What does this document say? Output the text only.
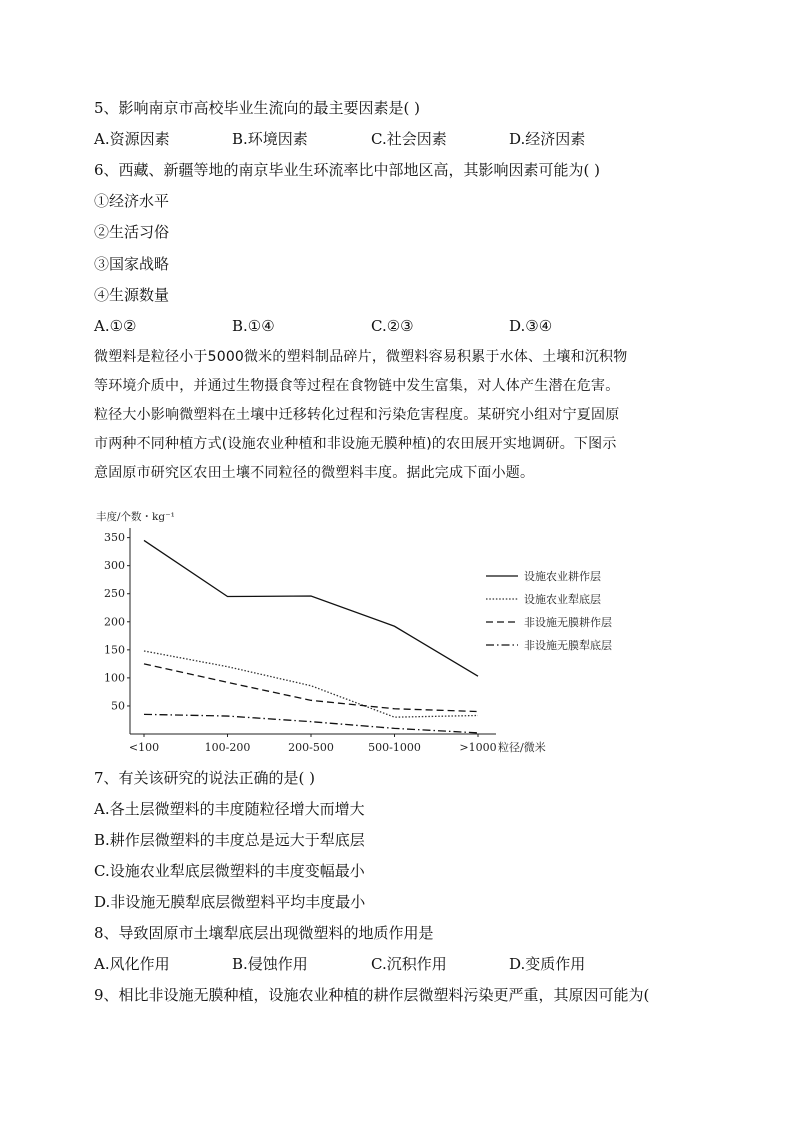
5、影响南京市高校毕业生流向的最主要因素是( )
A.资源因素	B.环境因素	C.社会因素	D.经济因素
6、西藏、新疆等地的南京毕业生环流率比中部地区高，其影响因素可能为( )
①经济水平
②生活习俗
③国家战略
④生源数量
A.①②	B.①④	C.②③	D.③④

微塑料是粒径小于5000微米的塑料制品碎片，微塑料容易积累于水体、土壤和沉积物

等环境介质中，并通过生物摄食等过程在食物链中发生富集，对人体产生潜在危害。

粒径大小影响微塑料在土壤中迁移转化过程和污染危害程度。某研究小组对宁夏固原

市两种不同种植方式(设施农业种植和非设施无膜种植)的农田展开实地调研。下图示

意固原市研究区农田土壤不同粒径的微塑料丰度。据此完成下面小题。

丰度/个数・kg⁻¹
50
100
150
200
250
300
350
<100	100-200	200-500	500-1000	>1000 粒径/微米
设施农业耕作层
设施农业犁底层
非设施无膜耕作层
非设施无膜犁底层
7、有关该研究的说法正确的是( )
A.各土层微塑料的丰度随粒径增大而增大
B.耕作层微塑料的丰度总是远大于犁底层
C.设施农业犁底层微塑料的丰度变幅最小
D.非设施无膜犁底层微塑料平均丰度最小
8、导致固原市土壤犁底层出现微塑料的地质作用是
A.风化作用	B.侵蚀作用	C.沉积作用	D.变质作用
9、相比非设施无膜种植，设施农业种植的耕作层微塑料污染更严重，其原因可能为(
